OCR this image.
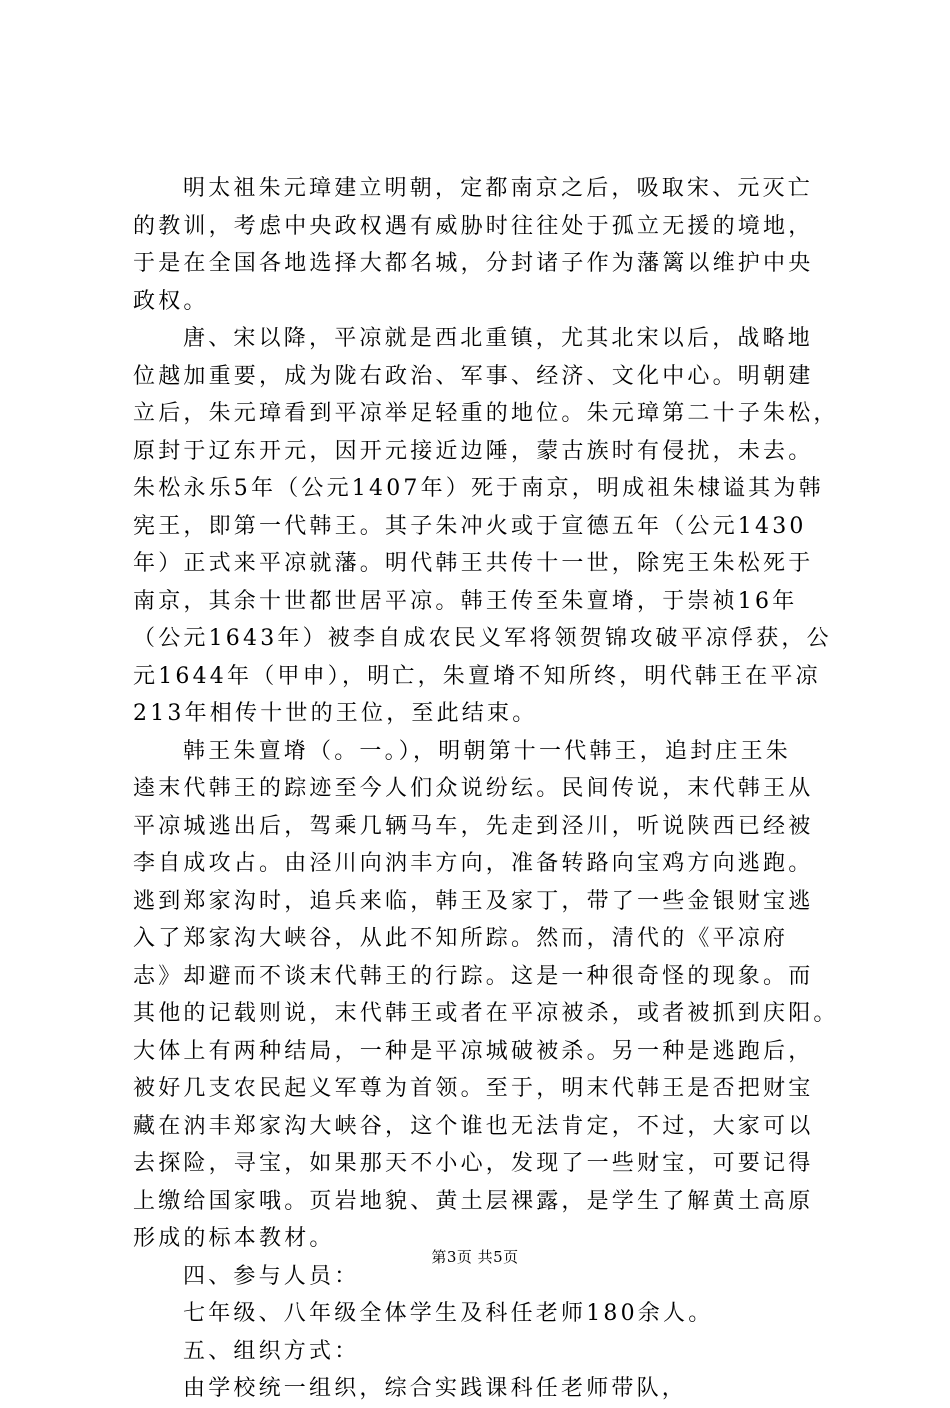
明太祖朱元璋建立明朝，定都南京之后，吸取宋、元灭亡
的教训，考虑中央政权遇有威胁时往往处于孤立无援的境地，
于是在全国各地选择大都名城，分封诸子作为藩篱以维护中央
政权。
唐、宋以降，平凉就是西北重镇，尤其北宋以后，战略地
位越加重要，成为陇右政治、军事、经济、文化中心。明朝建
立后，朱元璋看到平凉举足轻重的地位。朱元璋第二十子朱松，
原封于辽东开元，因开元接近边陲，蒙古族时有侵扰，未去。
朱松永乐5年（公元1407年）死于南京，明成祖朱棣谥其为韩
宪王，即第一代韩王。其子朱冲火或于宣德五年（公元1430
年）正式来平凉就藩。明代韩王共传十一世，除宪王朱松死于
南京，其余十世都世居平凉。韩王传至朱亶塉，于崇祯16年
（公元1643年）被李自成农民义军将领贺锦攻破平凉俘获，公
元1644年（甲申），明亡，朱亶塉不知所终，明代韩王在平凉
213年相传十世的王位，至此结束。
韩王朱亶塉（。一。），明朝第十一代韩王，追封庄王朱
逵末代韩王的踪迹至今人们众说纷纭。民间传说，末代韩王从
平凉城逃出后，驾乘几辆马车，先走到泾川，听说陕西已经被
李自成攻占。由泾川向汭丰方向，准备转路向宝鸡方向逃跑。
逃到郑家沟时，追兵来临，韩王及家丁，带了一些金银财宝逃
入了郑家沟大峡谷，从此不知所踪。然而，清代的《平凉府
志》却避而不谈末代韩王的行踪。这是一种很奇怪的现象。而
其他的记载则说，末代韩王或者在平凉被杀，或者被抓到庆阳。
大体上有两种结局，一种是平凉城破被杀。另一种是逃跑后，
被好几支农民起义军尊为首领。至于，明末代韩王是否把财宝
藏在汭丰郑家沟大峡谷，这个谁也无法肯定，不过，大家可以
去探险，寻宝，如果那天不小心，发现了一些财宝，可要记得
上缴给国家哦。页岩地貌、黄土层裸露，是学生了解黄土高原
形成的标本教材。
四、参与人员：
七年级、八年级全体学生及科任老师180余人。
五、组织方式：
由学校统一组织，综合实践课科任老师带队，
第3页 共5页
